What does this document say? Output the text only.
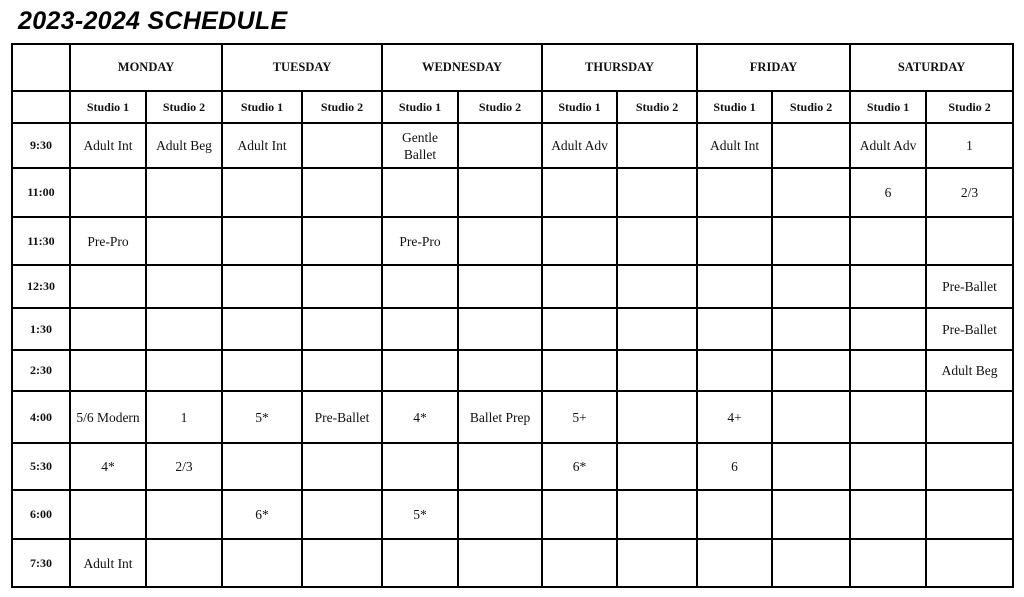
2023-2024 SCHEDULE
	MONDAY		TUESDAY		WEDNESDAY		THURSDAY		FRIDAY		SATURDAY	
	Studio 1	Studio 2	Studio 1	Studio 2	Studio 1	Studio 2	Studio 1	Studio 2	Studio 1	Studio 2	Studio 1	Studio 2
9:30	Adult Int	Adult Beg	Adult Int		Gentle Ballet		Adult Adv		Adult Int		Adult Adv	1
11:00											6	2/3
11:30	Pre-Pro				Pre-Pro							
12:30												Pre-Ballet
1:30												Pre-Ballet
2:30												Adult Beg
4:00	5/6 Modern	1	5*	Pre-Ballet	4*	Ballet Prep	5+		4+			
5:30	4*	2/3					6*		6			
6:00			6*		5*							
7:30	Adult Int											
